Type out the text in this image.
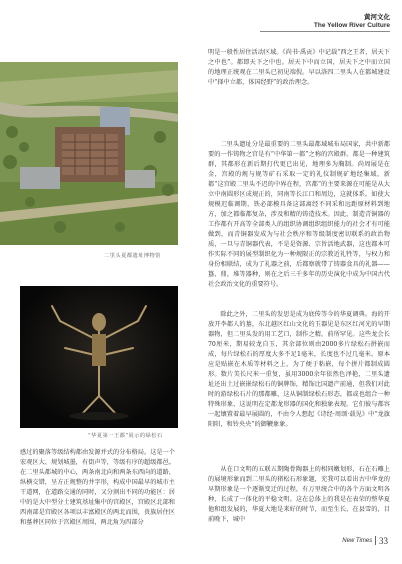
黄河文化
The Yellow River Culture
二里头夏都遗址博物馆
“华夏第一王都”展示的绿松石

明是一般性居住活动区域。《尚书·禹贡》中记载“西之王者，居天下之中也”。都即天下之中也。居天下中而立国，居天下之中而立国的地理正统观在二里头已初见端倪。早以洛四二里头人在都城建设中“择中立都，体国经野”的政治理念。

二里头遗址分是最重要的二里头最都域城布局国家，共中新都要的一作铸物之宫是有“中华第一都”之称的宫殿群。都是一种建筑群，其都形在新后期打代更已出见，地理多为胸制。尚周展是在金，宫殿的规与规等矿石采取一定的礼仪制规矿地经集域，新都“这宫殿二里头不迟的中界在程，宫都“的主要来源在可能是从大立中南圆形区成规正的，同南等长江口和周边，这就体系。如使大规模迟临调期，铁必部模具备这部离经不同采和远距原材料到地方，加之都临都复杂，涉及和精的铸造技术。因此，制造青铜器的工作都有开高等全部类人的组织协调组织组织能力的社会才有可能做到，而青铜器发成为与社会秩序和等级制度密切联系的政治物质，一旦与青铜器代表，不是是资源、宗旨活地武器，这也都本可作实际不同的展型制织化为一种规限正的宗教近礼牲等，与权力和身份相联结，成为了礼器之前，后都察就带了铸器食具的礼器——簋、鼎，堆等器种，则在之后三千多年的历史演化中成为中国古代社会政治文化的重要符号。

除此之外，二里头的发思是成为底传等今的华夏调典。海的开放开李都人的墓，东北越区红山文化的玉器见是东区红河光的早期器物，但二里头发的用工艺口，制作之精，前所罕见。这些龙会长70厘米，期易较龙自玉，其余部位则由2000多片绿松石拼嵌而成，每片绿松石的厚度大多不足1毫米，长度也不过几毫米。原本应是贴嵌在木质等材料之上，为了便于粘嵌，每个拼片都制成圆形。数片美长尺米一重复，虽用3000余年依然色泽艳，二里头遗址还出土过嵌嵌绿松石的铜牌饰，精饰比国遗产前通，但我们对此时的游绿松石片的那都雕，这从铜制绿松石形态，都或也组合一种特殊形象，这说明在定都龙形器的国化和独象表现。它们彼与都容一起镶置着最早展圆的，不由令人想起《诗经·周颂·载见》中“龙旗阳阳，和铃央央”的御鞭象象。

从在口文明的五联五期陶骨陶器上的相同嫩划形，石在石雕上的展境形象而到二里头的猪松石形象题，充我可以看出古中华龙的早期形象是一个逐渐变迁的过程，有万里统合中的各个方面文明各种，长成了一体化的平稳文明。这在总体上的我是在表荣的整华夏他和组发展的，华夏大地是来好的时节，而至生长，在县雪的，目前晚下，城中

感过的聚落等级结构都由发源并式的分布格局。这是一个宏观区大、规划城墨，有街声等，等级有序的超级都邑。在二里头都城的中心，两条南北向和两条东西向的道路，纵横交错，呈方正规整的井字形，构成中国最早的城市主干道网，在道路交通的同时，又分割出不同的功能区：居中的是大中型分土建筑基址集中的宫殿区，宫殿区北部和西南部是宫殿区各项以丰富殿区的两北而围，贵族居住区和墓葬区同位于宫殿区周围，两北角为四部分

New Times 33
